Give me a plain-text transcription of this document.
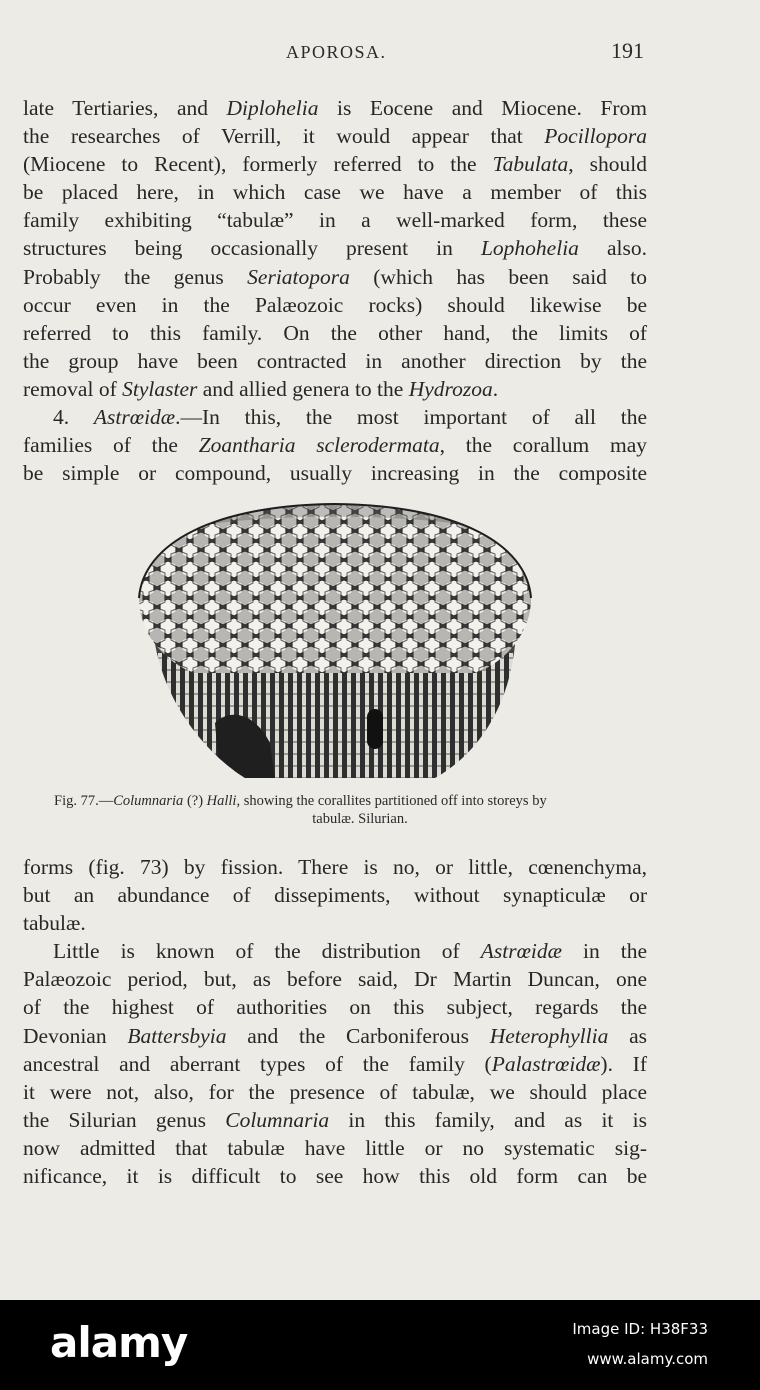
APOROSA.	191
late Tertiaries, and Diplohelia is Eocene and Miocene. From
the researches of Verrill, it would appear that Pocillopora
(Miocene to Recent), formerly referred to the Tabulata, should
be placed here, in which case we have a member of this
family exhibiting “tabulæ” in a well-marked form, these
structures being occasionally present in Lophohelia also.
Probably the genus Seriatopora (which has been said to
occur even in the Palæozoic rocks) should likewise be
referred to this family. On the other hand, the limits of
the group have been contracted in another direction by the
removal of Stylaster and allied genera to the Hydrozoa.
4. Astrœidæ.—In this, the most important of all the
families of the Zoantharia sclerodermata, the corallum may
be simple or compound, usually increasing in the composite
Fig. 77.—Columnaria (?) Halli, showing the corallites partitioned off into storeys by
tabulæ. Silurian.
forms (fig. 73) by fission. There is no, or little, cœnenchyma,
but an abundance of dissepiments, without synapticulæ or
tabulæ.
Little is known of the distribution of Astrœidæ in the
Palæozoic period, but, as before said, Dr Martin Duncan, one
of the highest of authorities on this subject, regards the
Devonian Battersbyia and the Carboniferous Heterophyllia as
ancestral and aberrant types of the family (Palastrœidæ). If
it were not, also, for the presence of tabulæ, we should place
the Silurian genus Columnaria in this family, and as it is
now admitted that tabulæ have little or no systematic sig-
nificance, it is difficult to see how this old form can be
alamy	Image ID: H38F33
www.alamy.com
